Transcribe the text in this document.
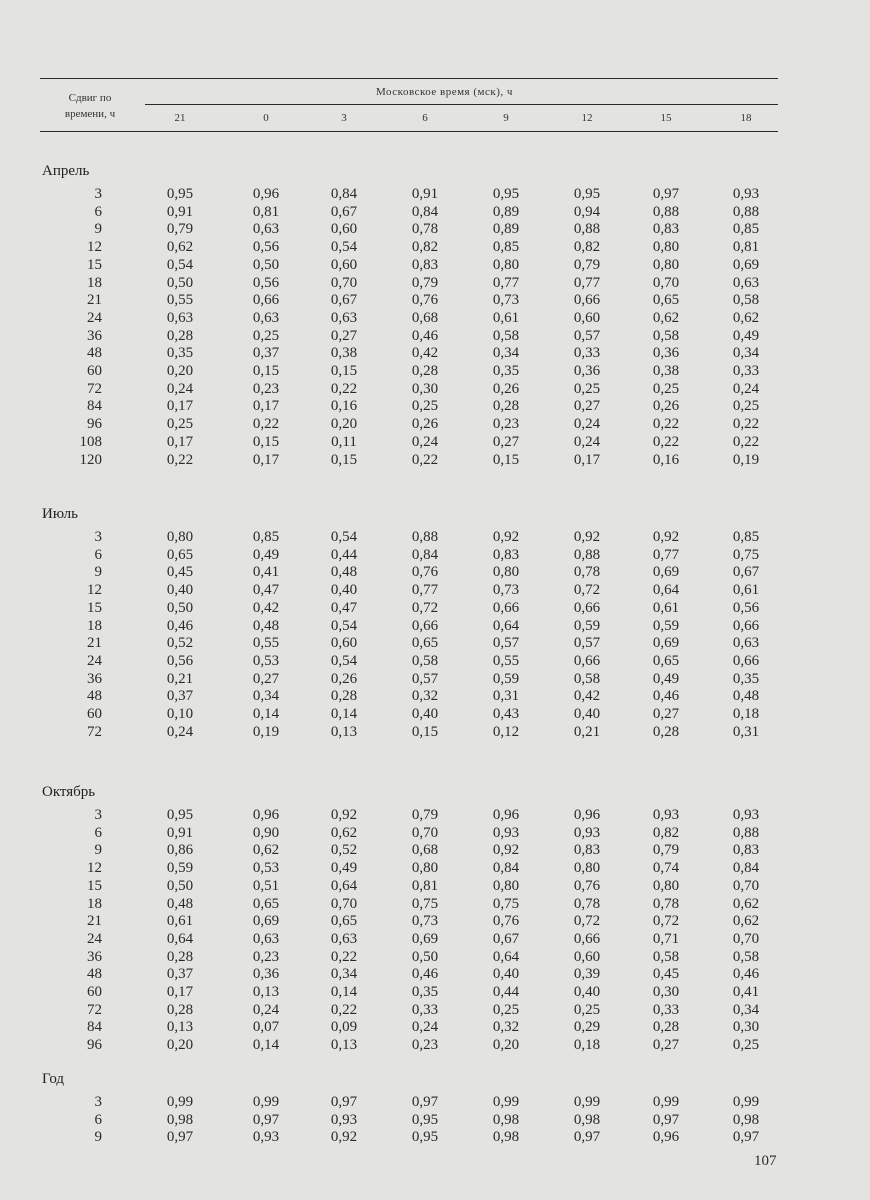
Сдвиг по
времени, ч
Московское время (мск), ч
21	0	3	6	9	12	15	18
Апрель
3	0,95	0,96	0,84	0,91	0,95	0,95	0,97	0,93
6	0,91	0,81	0,67	0,84	0,89	0,94	0,88	0,88
9	0,79	0,63	0,60	0,78	0,89	0,88	0,83	0,85
12	0,62	0,56	0,54	0,82	0,85	0,82	0,80	0,81
15	0,54	0,50	0,60	0,83	0,80	0,79	0,80	0,69
18	0,50	0,56	0,70	0,79	0,77	0,77	0,70	0,63
21	0,55	0,66	0,67	0,76	0,73	0,66	0,65	0,58
24	0,63	0,63	0,63	0,68	0,61	0,60	0,62	0,62
36	0,28	0,25	0,27	0,46	0,58	0,57	0,58	0,49
48	0,35	0,37	0,38	0,42	0,34	0,33	0,36	0,34
60	0,20	0,15	0,15	0,28	0,35	0,36	0,38	0,33
72	0,24	0,23	0,22	0,30	0,26	0,25	0,25	0,24
84	0,17	0,17	0,16	0,25	0,28	0,27	0,26	0,25
96	0,25	0,22	0,20	0,26	0,23	0,24	0,22	0,22
108	0,17	0,15	0,11	0,24	0,27	0,24	0,22	0,22
120	0,22	0,17	0,15	0,22	0,15	0,17	0,16	0,19
Июль
3	0,80	0,85	0,54	0,88	0,92	0,92	0,92	0,85
6	0,65	0,49	0,44	0,84	0,83	0,88	0,77	0,75
9	0,45	0,41	0,48	0,76	0,80	0,78	0,69	0,67
12	0,40	0,47	0,40	0,77	0,73	0,72	0,64	0,61
15	0,50	0,42	0,47	0,72	0,66	0,66	0,61	0,56
18	0,46	0,48	0,54	0,66	0,64	0,59	0,59	0,66
21	0,52	0,55	0,60	0,65	0,57	0,57	0,69	0,63
24	0,56	0,53	0,54	0,58	0,55	0,66	0,65	0,66
36	0,21	0,27	0,26	0,57	0,59	0,58	0,49	0,35
48	0,37	0,34	0,28	0,32	0,31	0,42	0,46	0,48
60	0,10	0,14	0,14	0,40	0,43	0,40	0,27	0,18
72	0,24	0,19	0,13	0,15	0,12	0,21	0,28	0,31
Октябрь
3	0,95	0,96	0,92	0,79	0,96	0,96	0,93	0,93
6	0,91	0,90	0,62	0,70	0,93	0,93	0,82	0,88
9	0,86	0,62	0,52	0,68	0,92	0,83	0,79	0,83
12	0,59	0,53	0,49	0,80	0,84	0,80	0,74	0,84
15	0,50	0,51	0,64	0,81	0,80	0,76	0,80	0,70
18	0,48	0,65	0,70	0,75	0,75	0,78	0,78	0,62
21	0,61	0,69	0,65	0,73	0,76	0,72	0,72	0,62
24	0,64	0,63	0,63	0,69	0,67	0,66	0,71	0,70
36	0,28	0,23	0,22	0,50	0,64	0,60	0,58	0,58
48	0,37	0,36	0,34	0,46	0,40	0,39	0,45	0,46
60	0,17	0,13	0,14	0,35	0,44	0,40	0,30	0,41
72	0,28	0,24	0,22	0,33	0,25	0,25	0,33	0,34
84	0,13	0,07	0,09	0,24	0,32	0,29	0,28	0,30
96	0,20	0,14	0,13	0,23	0,20	0,18	0,27	0,25
Год
3	0,99	0,99	0,97	0,97	0,99	0,99	0,99	0,99
6	0,98	0,97	0,93	0,95	0,98	0,98	0,97	0,98
9	0,97	0,93	0,92	0,95	0,98	0,97	0,96	0,97
107
